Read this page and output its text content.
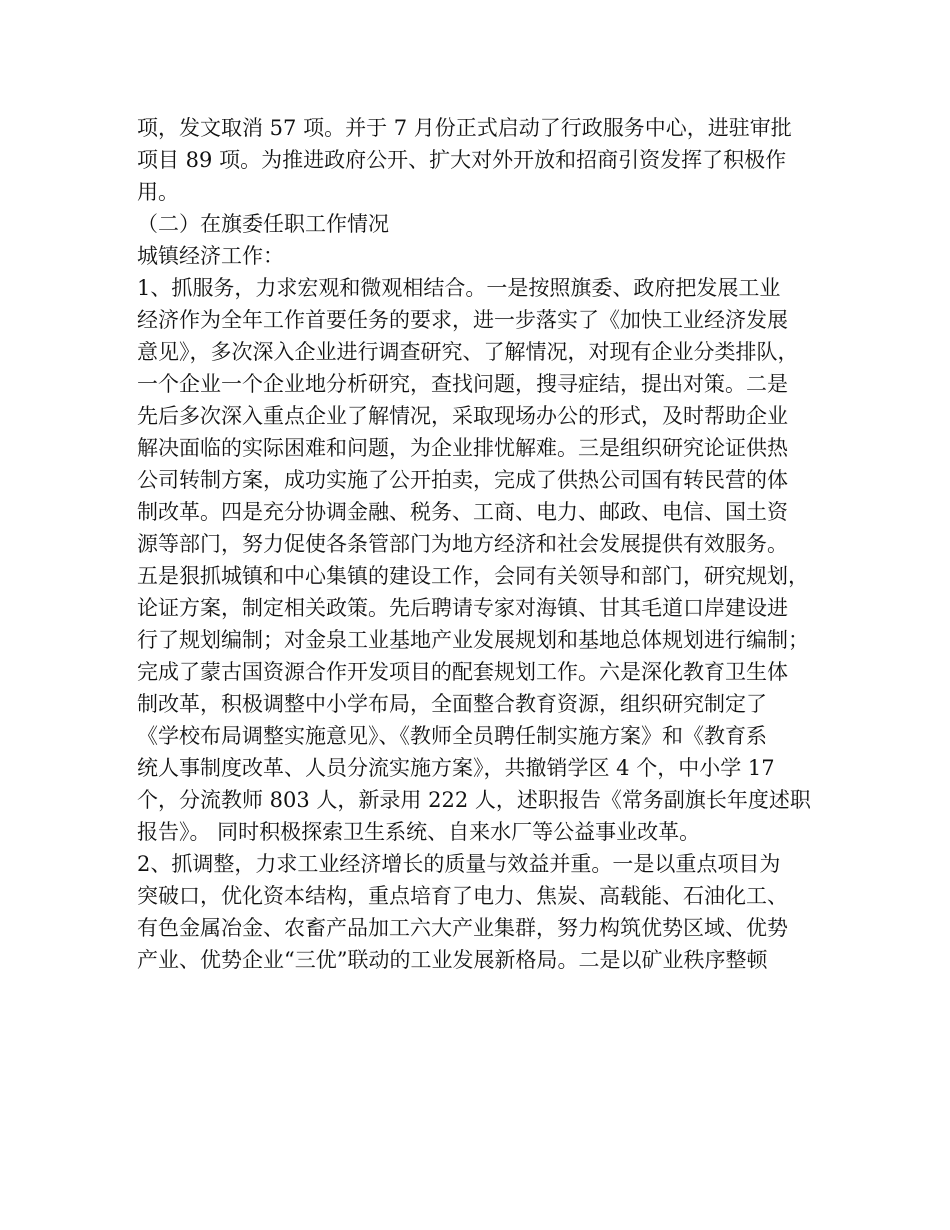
项，发文取消 57 项。并于 7 月份正式启动了行政服务中心，进驻审批
项目 89 项。为推进政府公开、扩大对外开放和招商引资发挥了积极作
用。
（二）在旗委任职工作情况
城镇经济工作：
1、抓服务，力求宏观和微观相结合。一是按照旗委、政府把发展工业
经济作为全年工作首要任务的要求，进一步落实了《加快工业经济发展
意见》，多次深入企业进行调查研究、了解情况，对现有企业分类排队，
一个企业一个企业地分析研究，查找问题，搜寻症结，提出对策。二是
先后多次深入重点企业了解情况，采取现场办公的形式，及时帮助企业
解决面临的实际困难和问题，为企业排忧解难。三是组织研究论证供热
公司转制方案，成功实施了公开拍卖，完成了供热公司国有转民营的体
制改革。四是充分协调金融、税务、工商、电力、邮政、电信、国土资
源等部门，努力促使各条管部门为地方经济和社会发展提供有效服务。
五是狠抓城镇和中心集镇的建设工作，会同有关领导和部门，研究规划，
论证方案，制定相关政策。先后聘请专家对海镇、甘其毛道口岸建设进
行了规划编制；对金泉工业基地产业发展规划和基地总体规划进行编制；
完成了蒙古国资源合作开发项目的配套规划工作。六是深化教育卫生体
制改革，积极调整中小学布局，全面整合教育资源，组织研究制定了
《学校布局调整实施意见》、《教师全员聘任制实施方案》和《教育系
统人事制度改革、人员分流实施方案》，共撤销学区 4 个，中小学 17
个，分流教师 803 人，新录用 222 人，述职报告《常务副旗长年度述职
报告》。 同时积极探索卫生系统、自来水厂等公益事业改革。
2、抓调整，力求工业经济增长的质量与效益并重。一是以重点项目为
突破口，优化资本结构，重点培育了电力、焦炭、高载能、石油化工、
有色金属冶金、农畜产品加工六大产业集群，努力构筑优势区域、优势
产业、优势企业“三优”联动的工业发展新格局。二是以矿业秩序整顿
